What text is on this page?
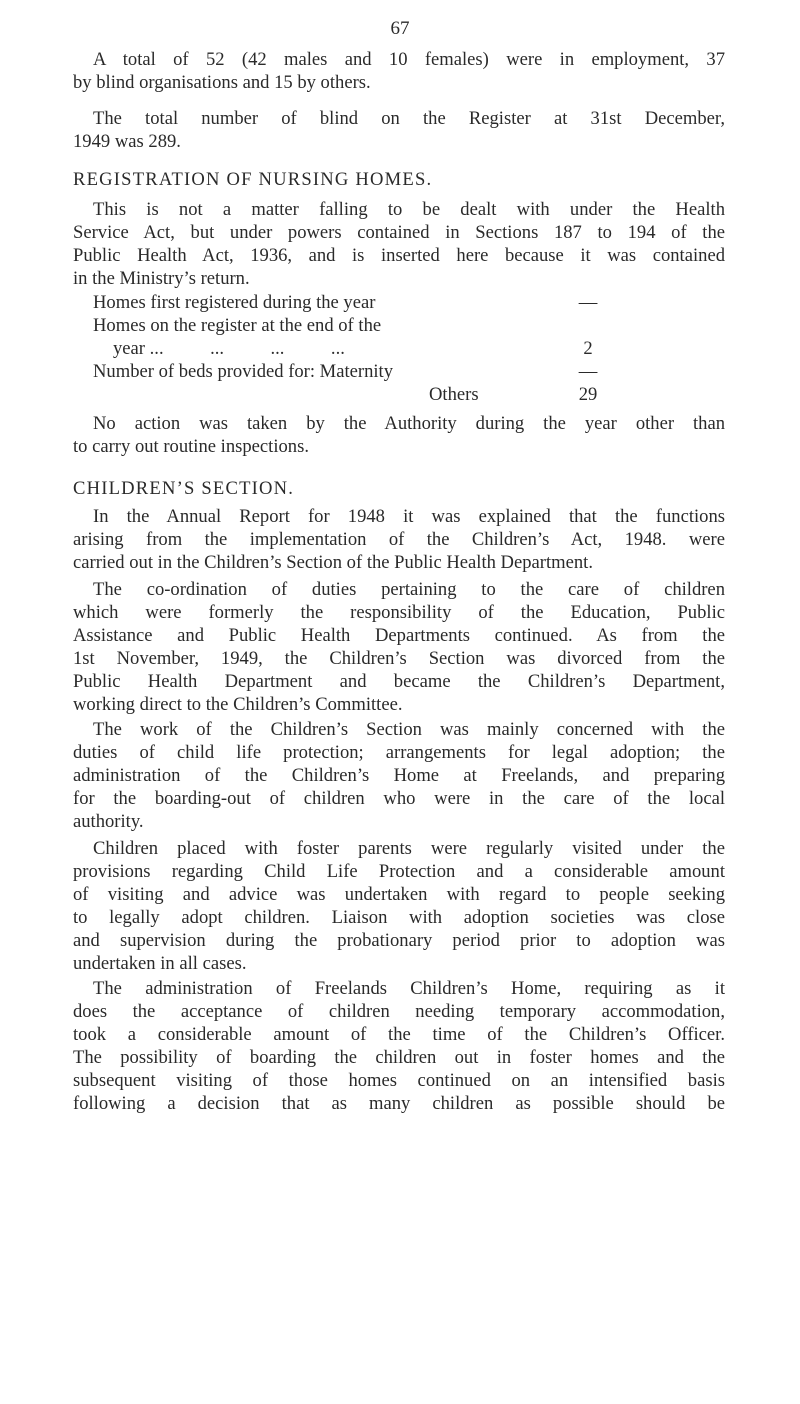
67
A total of 52 (42 males and 10 females) were in employment, 37
by blind organisations and 15 by others.
The total number of blind on the Register at 31st December,
1949 was 289.
REGISTRATION OF NURSING HOMES.
This is not a matter falling to be dealt with under the Health
Service Act, but under powers contained in Sections 187 to 194 of the
Public Health Act, 1936, and is inserted here because it was contained
in the Ministry’s return.
Homes first registered during the year	—
Homes on the register at the end of the
year ...          ...          ...          ...	2
Number of beds provided for: Maternity	—
Others	29
No action was taken by the Authority during the year other than
to carry out routine inspections.
CHILDREN’S SECTION.
In the Annual Report for 1948 it was explained that the functions
arising from the implementation of the Children’s Act, 1948. were
carried out in the Children’s Section of the Public Health Department.
The co-ordination of duties pertaining to the care of children
which were formerly the responsibility of the Education, Public
Assistance and Public Health Departments continued. As from the
1st November, 1949, the Children’s Section was divorced from the
Public Health Department and became the Children’s Department,
working direct to the Children’s Committee.
The work of the Children’s Section was mainly concerned with the
duties of child life protection; arrangements for legal adoption; the
administration of the Children’s Home at Freelands, and preparing
for the boarding-out of children who were in the care of the local
authority.
Children placed with foster parents were regularly visited under the
provisions regarding Child Life Protection and a considerable amount
of visiting and advice was undertaken with regard to people seeking
to legally adopt children. Liaison with adoption societies was close
and supervision during the probationary period prior to adoption was
undertaken in all cases.
The administration of Freelands Children’s Home, requiring as it
does the acceptance of children needing temporary accommodation,
took a considerable amount of the time of the Children’s Officer.
The possibility of boarding the children out in foster homes and the
subsequent visiting of those homes continued on an intensified basis
following a decision that as many children as possible should be
